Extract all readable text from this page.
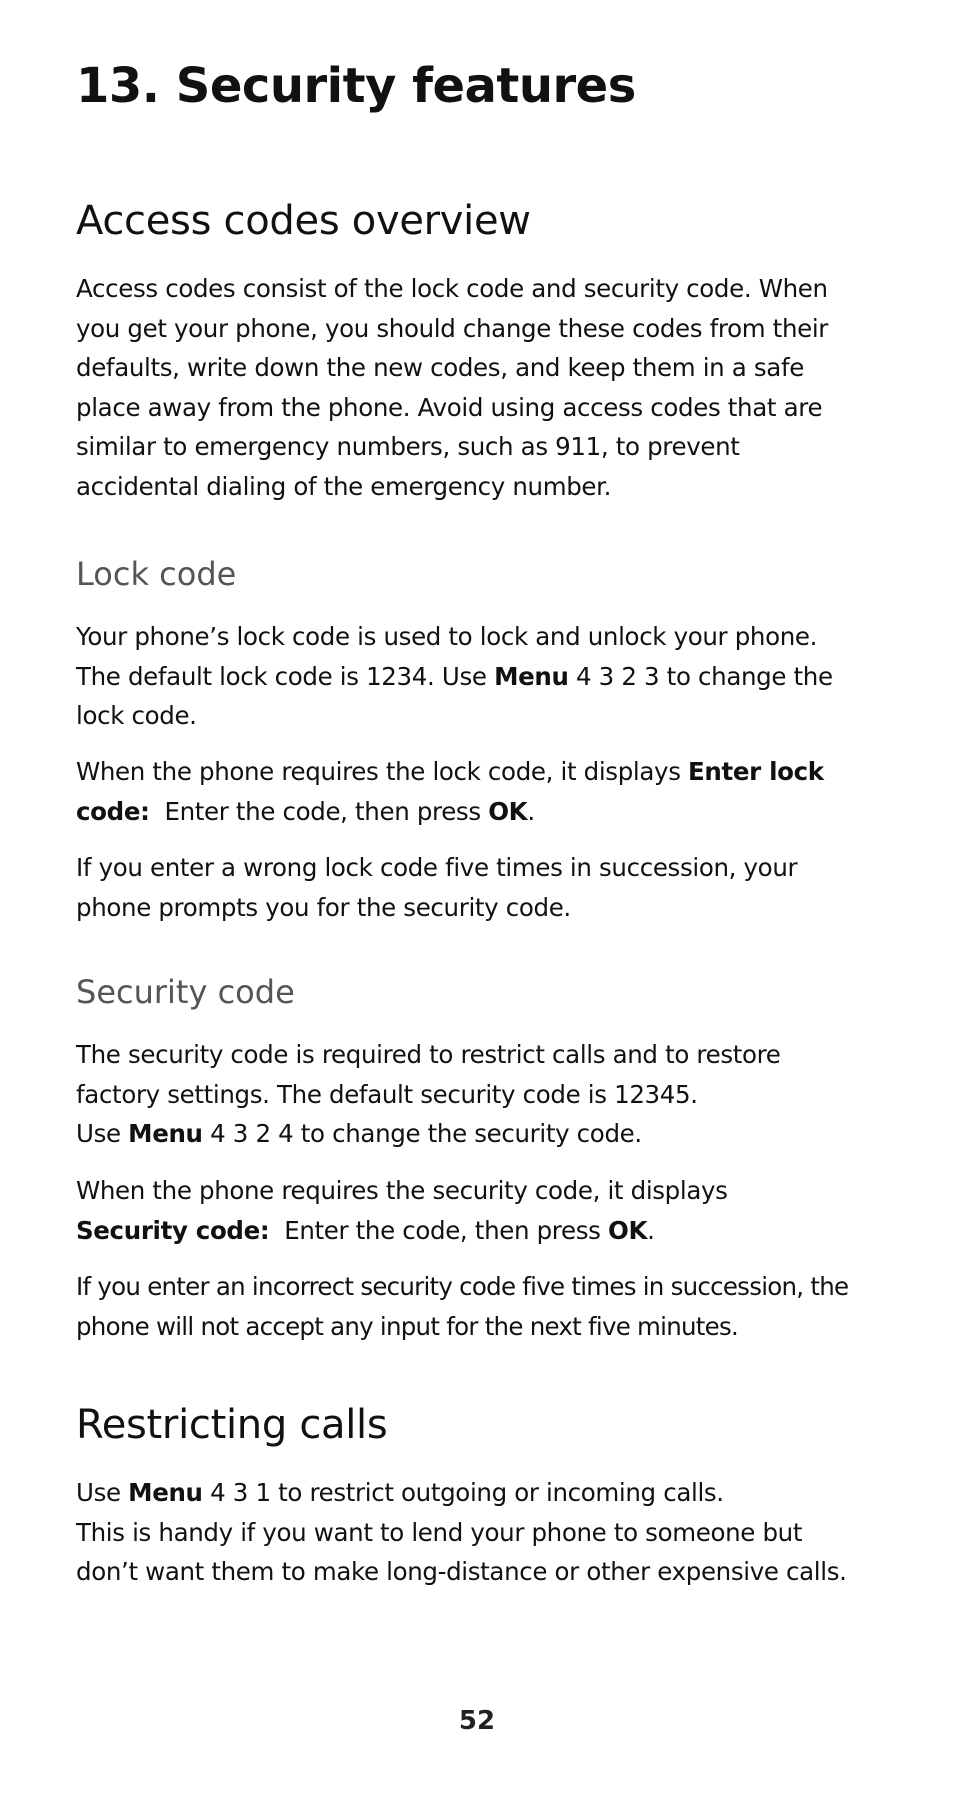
13. Security features
Access codes overview

Access codes consist of the lock code and security code. When you get your phone, you should change these codes from their defaults, write down the new codes, and keep them in a safe place away from the phone. Avoid using access codes that are similar to emergency numbers, such as 911, to prevent accidental dialing of the emergency number.

Lock code

Your phone’s lock code is used to lock and unlock your phone. The default lock code is 1234. Use Menu 4 3 2 3 to change the lock code.

When the phone requires the lock code, it displays Enter lock code:  Enter the code, then press OK.

If you enter a wrong lock code five times in succession, your phone prompts you for the security code.

Security code

The security code is required to restrict calls and to restore factory settings. The default security code is 12345.
Use Menu 4 3 2 4 to change the security code.

When the phone requires the security code, it displays
Security code:  Enter the code, then press OK.

If you enter an incorrect security code five times in succession, the phone will not accept any input for the next five minutes.

Restricting calls

Use Menu 4 3 1 to restrict outgoing or incoming calls.
This is handy if you want to lend your phone to someone but don’t want them to make long-distance or other expensive calls.

52
